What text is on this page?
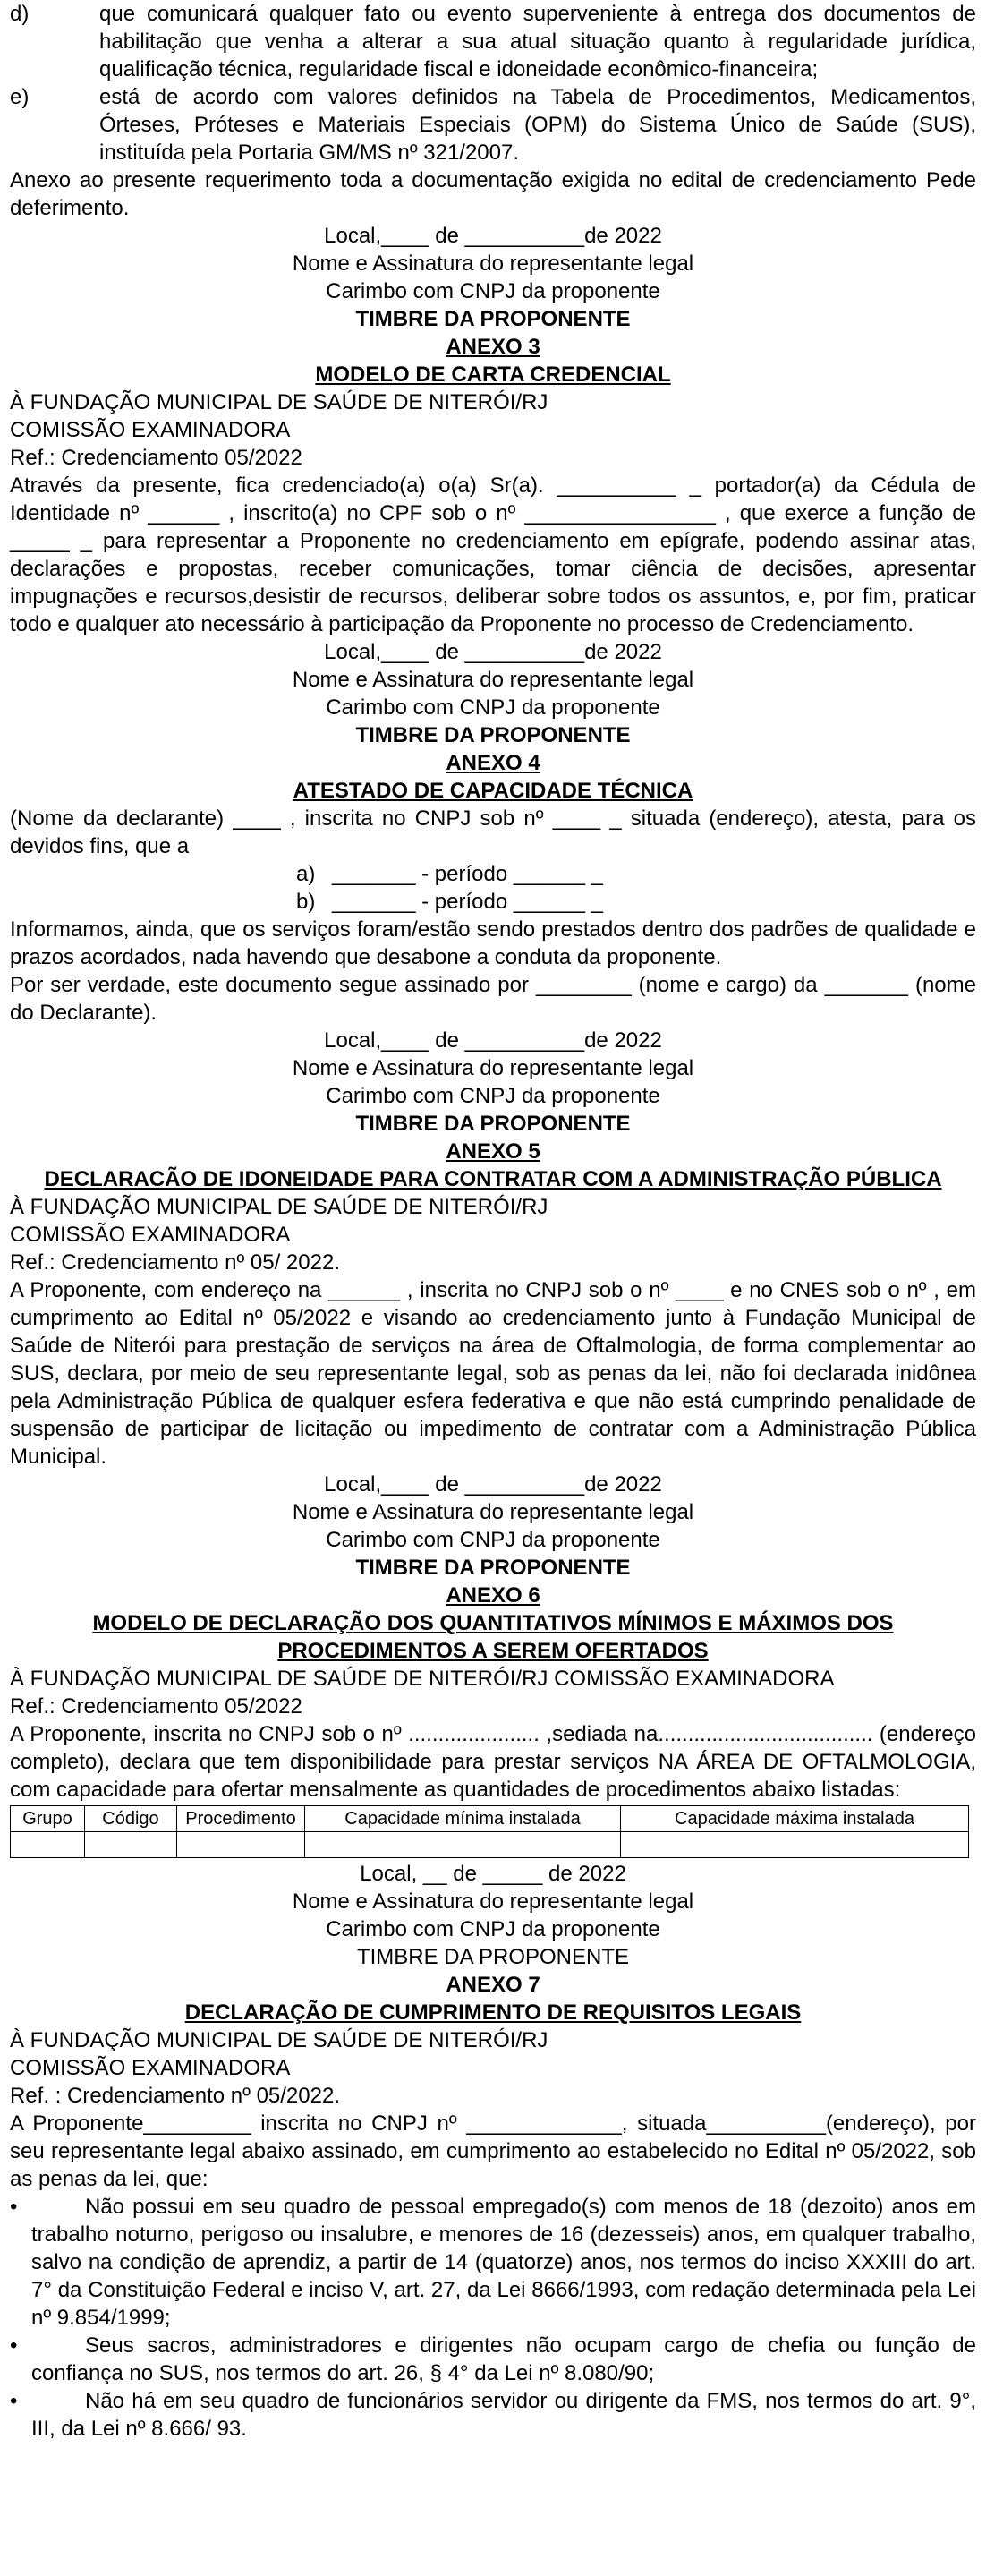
d)	que comunicará qualquer fato ou evento superveniente à entrega dos documentos de habilitação que venha a alterar a sua atual situação quanto à regularidade jurídica, qualificação técnica, regularidade fiscal e idoneidade econômico-financeira;
e)	está de acordo com valores definidos na Tabela de Procedimentos, Medicamentos, Órteses, Próteses e Materiais Especiais (OPM) do Sistema Único de Saúde (SUS), instituída pela Portaria GM/MS nº 321/2007.

Anexo ao presente requerimento toda a documentação exigida no edital de credenciamento Pede deferimento.

Local,____ de __________de 2022

Nome e Assinatura do representante legal

Carimbo com CNPJ da proponente

TIMBRE DA PROPONENTE

ANEXO 3

MODELO DE CARTA CREDENCIAL

À FUNDAÇÃO MUNICIPAL DE SAÚDE DE NITERÓI/RJ

COMISSÃO EXAMINADORA

Ref.: Credenciamento 05/2022

Através da presente, fica credenciado(a) o(a) Sr(a). __________ _ portador(a) da Cédula de Identidade nº ______ , inscrito(a) no CPF sob o nº ________________ , que exerce a função de _____ _ para representar a Proponente no credenciamento em epígrafe, podendo assinar atas, declarações e propostas, receber comunicações, tomar ciência de decisões, apresentar impugnações e recursos,desistir de recursos, deliberar sobre todos os assuntos, e, por fim, praticar todo e qualquer ato necessário à participação da Proponente no processo de Credenciamento.

Local,____ de __________de 2022

Nome e Assinatura do representante legal

Carimbo com CNPJ da proponente

TIMBRE DA PROPONENTE

ANEXO 4

ATESTADO DE CAPACIDADE TÉCNICA

(Nome da declarante) ____ , inscrita no CNPJ sob nº ____ _ situada (endereço), atesta, para os devidos fins, que a

a) _______ - período ______ _
b) _______ - período ______ _

Informamos, ainda, que os serviços foram/estão sendo prestados dentro dos padrões de qualidade e prazos acordados, nada havendo que desabone a conduta da proponente.

Por ser verdade, este documento segue assinado por ________ (nome e cargo) da _______ (nome do Declarante).

Local,____ de __________de 2022

Nome e Assinatura do representante legal

Carimbo com CNPJ da proponente

TIMBRE DA PROPONENTE

ANEXO 5

DECLARACÃO DE IDONEIDADE PARA CONTRATAR COM A ADMINISTRAÇÃO PÚBLICA

À FUNDAÇÃO MUNICIPAL DE SAÚDE DE NITERÓI/RJ

COMISSÃO EXAMINADORA

Ref.: Credenciamento nº 05/ 2022.

A Proponente, com endereço na ______ , inscrita no CNPJ sob o nº ____ e no CNES sob o nº , em cumprimento ao Edital nº 05/2022 e visando ao credenciamento junto à Fundação Municipal de Saúde de Niterói para prestação de serviços na área de Oftalmologia, de forma complementar ao SUS, declara, por meio de seu representante legal, sob as penas da lei, não foi declarada inidônea pela Administração Pública de qualquer esfera federativa e que não está cumprindo penalidade de suspensão de participar de licitação ou impedimento de contratar com a Administração Pública Municipal.

Local,____ de __________de 2022

Nome e Assinatura do representante legal

Carimbo com CNPJ da proponente

TIMBRE DA PROPONENTE

ANEXO 6

MODELO DE DECLARAÇÃO DOS QUANTITATIVOS MÍNIMOS E MÁXIMOS DOS PROCEDIMENTOS A SEREM OFERTADOS

À FUNDAÇÃO MUNICIPAL DE SAÚDE DE NITERÓI/RJ COMISSÃO EXAMINADORA

Ref.: Credenciamento 05/2022

A Proponente, inscrita no CNPJ sob o nº ...................... ,sediada na.................................... (endereço completo), declara que tem disponibilidade para prestar serviços NA ÁREA DE OFTALMOLOGIA, com capacidade para ofertar mensalmente as quantidades de procedimentos abaixo listadas:

Grupo	Código	Procedimento	Capacidade mínima instalada	Capacidade máxima instalada

Local, __ de _____ de 2022

Nome e Assinatura do representante legal

Carimbo com CNPJ da proponente

TIMBRE DA PROPONENTE

ANEXO 7

DECLARAÇÃO DE CUMPRIMENTO DE REQUISITOS LEGAIS

À FUNDAÇÃO MUNICIPAL DE SAÚDE DE NITERÓI/RJ

COMISSÃO EXAMINADORA

Ref. : Credenciamento nº 05/2022.

A Proponente_________ inscrita no CNPJ nº _____________, situada__________(endereço), por seu representante legal abaixo assinado, em cumprimento ao estabelecido no Edital nº 05/2022, sob as penas da lei, que:

•	Não possui em seu quadro de pessoal empregado(s) com menos de 18 (dezoito) anos em trabalho noturno, perigoso ou insalubre, e menores de 16 (dezesseis) anos, em qualquer trabalho, salvo na condição de aprendiz, a partir de 14 (quatorze) anos, nos termos do inciso XXXIII do art. 7° da Constituição Federal e inciso V, art. 27, da Lei 8666/1993, com redação determinada pela Lei nº 9.854/1999;
•	Seus sacros, administradores e dirigentes não ocupam cargo de chefia ou função de confiança no SUS, nos termos do art. 26, § 4° da Lei nº 8.080/90;
•	Não há em seu quadro de funcionários servidor ou dirigente da FMS, nos termos do art. 9°, III, da Lei nº 8.666/ 93.
